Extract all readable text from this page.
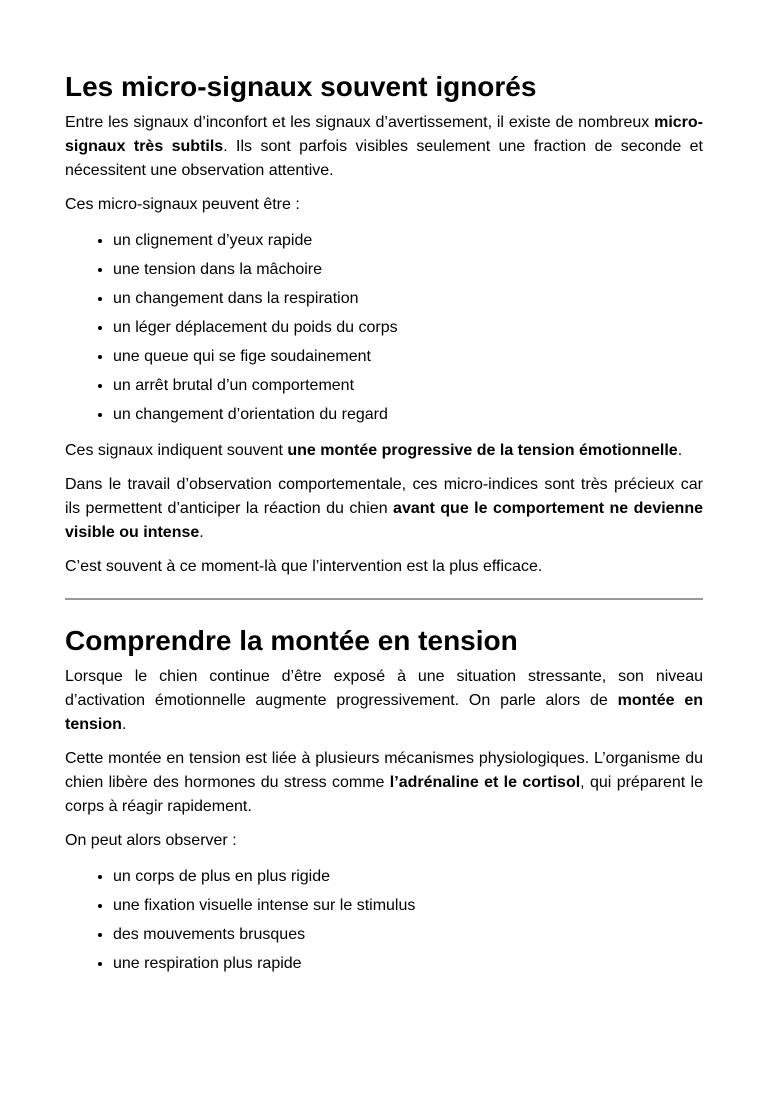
Les micro-signaux souvent ignorés

Entre les signaux d’inconfort et les signaux d’avertissement, il existe de nombreux micro-signaux très subtils. Ils sont parfois visibles seulement une fraction de seconde et nécessitent une observation attentive.

Ces micro-signaux peuvent être :

• un clignement d’yeux rapide
• une tension dans la mâchoire
• un changement dans la respiration
• un léger déplacement du poids du corps
• une queue qui se fige soudainement
• un arrêt brutal d’un comportement
• un changement d’orientation du regard

Ces signaux indiquent souvent une montée progressive de la tension émotionnelle.

Dans le travail d’observation comportementale, ces micro-indices sont très précieux car ils permettent d’anticiper la réaction du chien avant que le comportement ne devienne visible ou intense.

C’est souvent à ce moment-là que l’intervention est la plus efficace.

Comprendre la montée en tension

Lorsque le chien continue d’être exposé à une situation stressante, son niveau d’activation émotionnelle augmente progressivement. On parle alors de montée en tension.

Cette montée en tension est liée à plusieurs mécanismes physiologiques. L’organisme du chien libère des hormones du stress comme l’adrénaline et le cortisol, qui préparent le corps à réagir rapidement.

On peut alors observer :

• un corps de plus en plus rigide
• une fixation visuelle intense sur le stimulus
• des mouvements brusques
• une respiration plus rapide
